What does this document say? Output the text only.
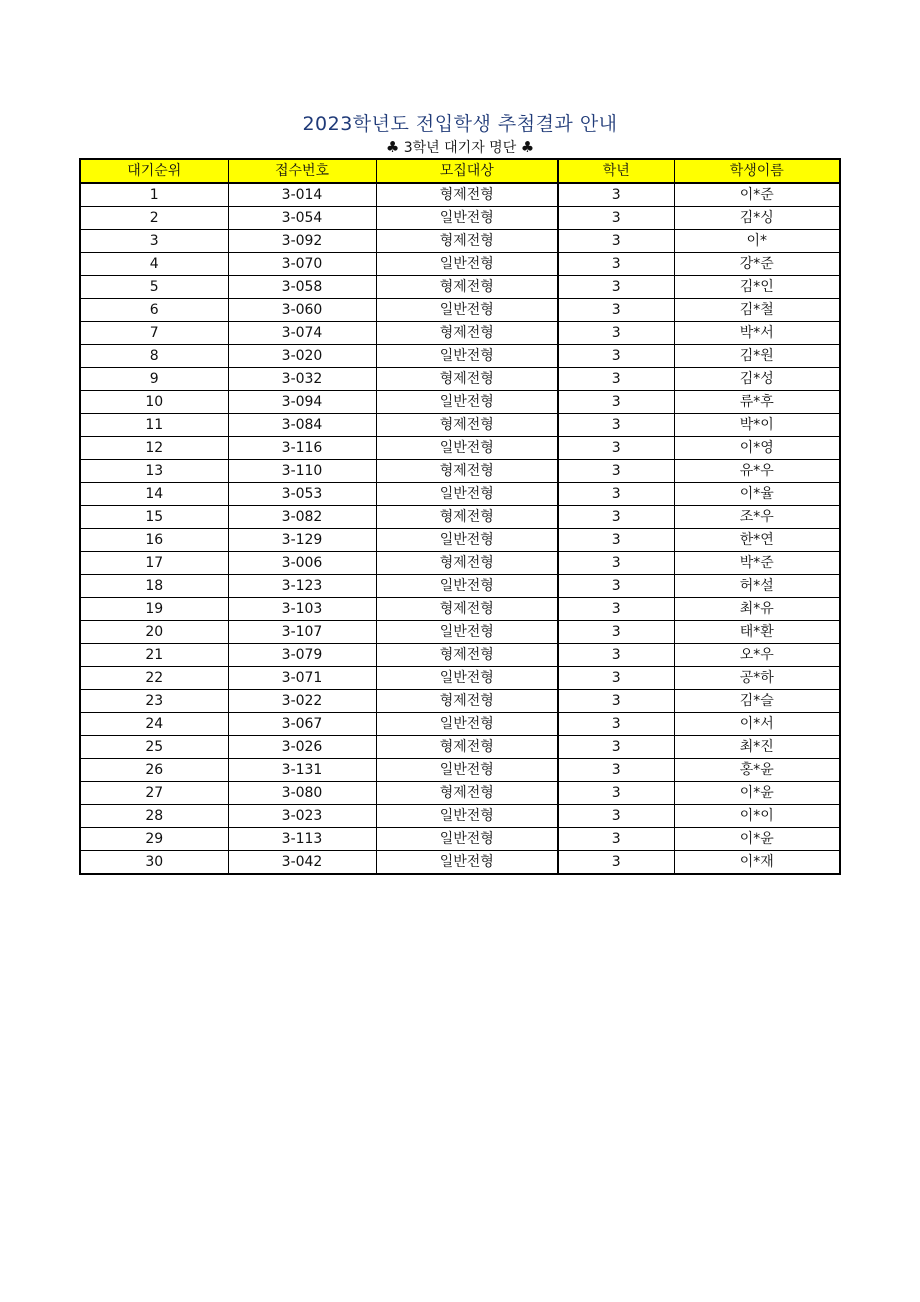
2023학년도 전입학생 추첨결과 안내
♣ 3학년 대기자 명단 ♣
대기순위	접수번호	모집대상	학년	학생이름
1	3-014	형제전형	3	이*준
2	3-054	일반전형	3	김*싱
3	3-092	형제전형	3	이*
4	3-070	일반전형	3	강*준
5	3-058	형제전형	3	김*인
6	3-060	일반전형	3	김*철
7	3-074	형제전형	3	박*서
8	3-020	일반전형	3	김*원
9	3-032	형제전형	3	김*성
10	3-094	일반전형	3	류*후
11	3-084	형제전형	3	박*이
12	3-116	일반전형	3	이*영
13	3-110	형제전형	3	유*우
14	3-053	일반전형	3	이*율
15	3-082	형제전형	3	조*우
16	3-129	일반전형	3	한*연
17	3-006	형제전형	3	박*준
18	3-123	일반전형	3	허*설
19	3-103	형제전형	3	최*유
20	3-107	일반전형	3	태*환
21	3-079	형제전형	3	오*우
22	3-071	일반전형	3	공*하
23	3-022	형제전형	3	김*슬
24	3-067	일반전형	3	이*서
25	3-026	형제전형	3	최*진
26	3-131	일반전형	3	홍*윤
27	3-080	형제전형	3	이*윤
28	3-023	일반전형	3	이*이
29	3-113	일반전형	3	이*윤
30	3-042	일반전형	3	이*재
